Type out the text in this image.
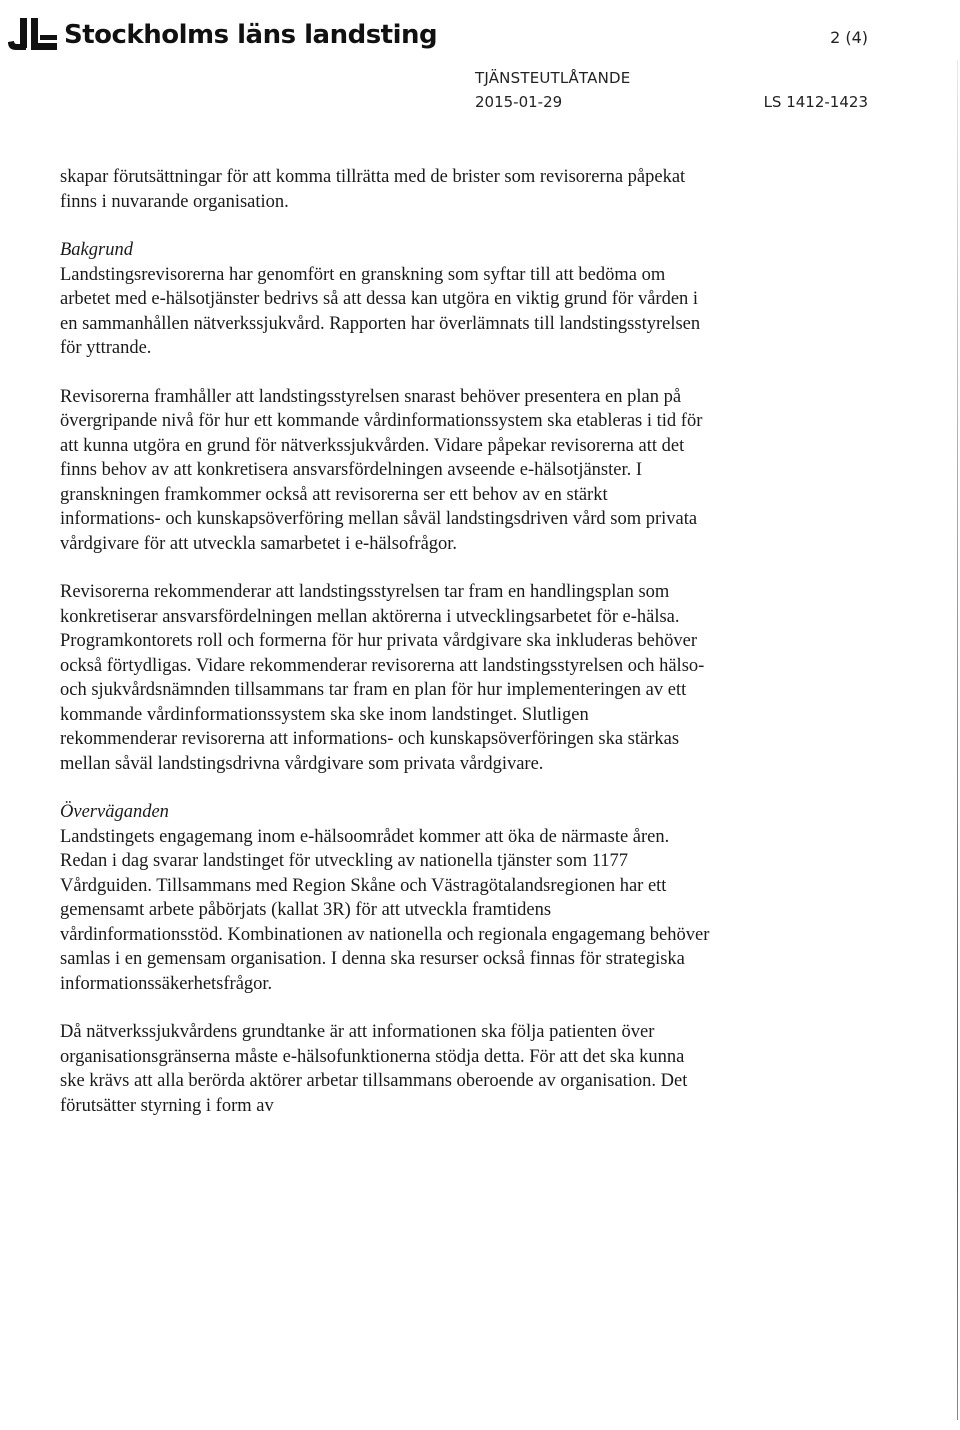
Stockholms läns landsting	2 (4)
TJÄNSTEUTLÅTANDE
2015-01-29	LS 1412-1423

skapar förutsättningar för att komma tillrätta med de brister som revisorerna påpekat finns i nuvarande organisation.

Bakgrund
Landstingsrevisorerna har genomfört en granskning som syftar till att bedöma om arbetet med e-hälsotjänster bedrivs så att dessa kan utgöra en viktig grund för vården i en sammanhållen nätverkssjukvård. Rapporten har överlämnats till landstingsstyrelsen för yttrande.

Revisorerna framhåller att landstingsstyrelsen snarast behöver presentera en plan på övergripande nivå för hur ett kommande vårdinformationssystem ska etableras i tid för att kunna utgöra en grund för nätverkssjukvården. Vidare påpekar revisorerna att det finns behov av att konkretisera ansvarsfördelningen avseende e-hälsotjänster. I granskningen framkommer också att revisorerna ser ett behov av en stärkt informations- och kunskapsöverföring mellan såväl landstingsdriven vård som privata vårdgivare för att utveckla samarbetet i e-hälsofrågor.

Revisorerna rekommenderar att landstingsstyrelsen tar fram en handlingsplan som konkretiserar ansvarsfördelningen mellan aktörerna i utvecklingsarbetet för e-hälsa. Programkontorets roll och formerna för hur privata vårdgivare ska inkluderas behöver också förtydligas. Vidare rekommenderar revisorerna att landstingsstyrelsen och hälso- och sjukvårdsnämnden tillsammans tar fram en plan för hur implementeringen av ett kommande vårdinformationssystem ska ske inom landstinget. Slutligen rekommenderar revisorerna att informations- och kunskapsöverföringen ska stärkas mellan såväl landstingsdrivna vårdgivare som privata vårdgivare.

Överväganden
Landstingets engagemang inom e-hälsoområdet kommer att öka de närmaste åren. Redan i dag svarar landstinget för utveckling av nationella tjänster som 1177 Vårdguiden. Tillsammans med Region Skåne och Västragötalandsregionen har ett gemensamt arbete påbörjats (kallat 3R) för att utveckla framtidens vårdinformationsstöd. Kombinationen av nationella och regionala engagemang behöver samlas i en gemensam organisation. I denna ska resurser också finnas för strategiska informationssäkerhetsfrågor.

Då nätverkssjukvårdens grundtanke är att informationen ska följa patienten över organisationsgränserna måste e-hälsofunktionerna stödja detta. För att det ska kunna ske krävs att alla berörda aktörer arbetar tillsammans oberoende av organisation. Det förutsätter styrning i form av
